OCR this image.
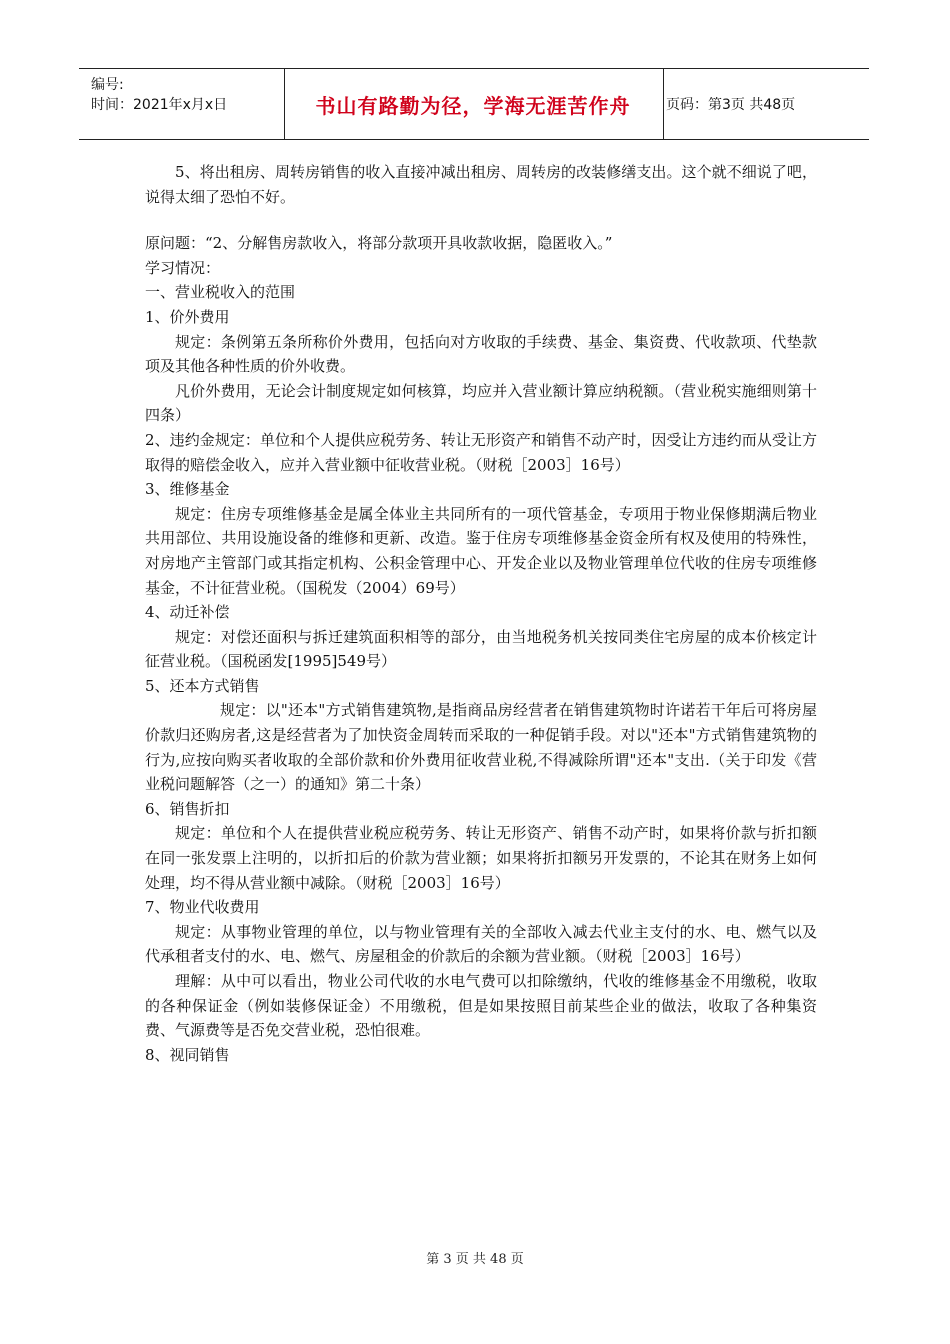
编号:
时间：2021年x月x日	书山有路勤为径，学海无涯苦作舟	页码：第3页 共48页

5、将出租房、周转房销售的收入直接冲减出租房、周转房的改装修缮支出。这个就不细说了吧，说得太细了恐怕不好。

原问题：“2、分解售房款收入，将部分款项开具收款收据，隐匿收入。”

学习情况：

一、营业税收入的范围

1、价外费用

规定：条例第五条所称价外费用，包括向对方收取的手续费、基金、集资费、代收款项、代垫款项及其他各种性质的价外收费。

凡价外费用，无论会计制度规定如何核算，均应并入营业额计算应纳税额。（营业税实施细则第十四条）

2、违约金规定：单位和个人提供应税劳务、转让无形资产和销售不动产时，因受让方违约而从受让方取得的赔偿金收入，应并入营业额中征收营业税。（财税［2003］16号）

3、维修基金

规定：住房专项维修基金是属全体业主共同所有的一项代管基金，专项用于物业保修期满后物业共用部位、共用设施设备的维修和更新、改造。鉴于住房专项维修基金资金所有权及使用的特殊性，对房地产主管部门或其指定机构、公积金管理中心、开发企业以及物业管理单位代收的住房专项维修基金，不计征营业税。（国税发（2004）69号）

4、动迁补偿

规定：对偿还面积与拆迁建筑面积相等的部分，由当地税务机关按同类住宅房屋的成本价核定计征营业税。（国税函发[1995]549号）

5、还本方式销售

规定：以"还本"方式销售建筑物,是指商品房经营者在销售建筑物时许诺若干年后可将房屋价款归还购房者,这是经营者为了加快资金周转而采取的一种促销手段。对以"还本"方式销售建筑物的行为,应按向购买者收取的全部价款和价外费用征收营业税,不得减除所谓"还本"支出.（关于印发《营业税问题解答（之一）的通知》第二十条）

6、销售折扣

规定：单位和个人在提供营业税应税劳务、转让无形资产、销售不动产时，如果将价款与折扣额在同一张发票上注明的，以折扣后的价款为营业额；如果将折扣额另开发票的，不论其在财务上如何处理，均不得从营业额中减除。（财税［2003］16号）

7、物业代收费用

规定：从事物业管理的单位，以与物业管理有关的全部收入减去代业主支付的水、电、燃气以及代承租者支付的水、电、燃气、房屋租金的价款后的余额为营业额。（财税［2003］16号）

理解：从中可以看出，物业公司代收的水电气费可以扣除缴纳，代收的维修基金不用缴税，收取的各种保证金（例如装修保证金）不用缴税，但是如果按照目前某些企业的做法，收取了各种集资费、气源费等是否免交营业税，恐怕很难。

8、视同销售

第 3 页 共 48 页
